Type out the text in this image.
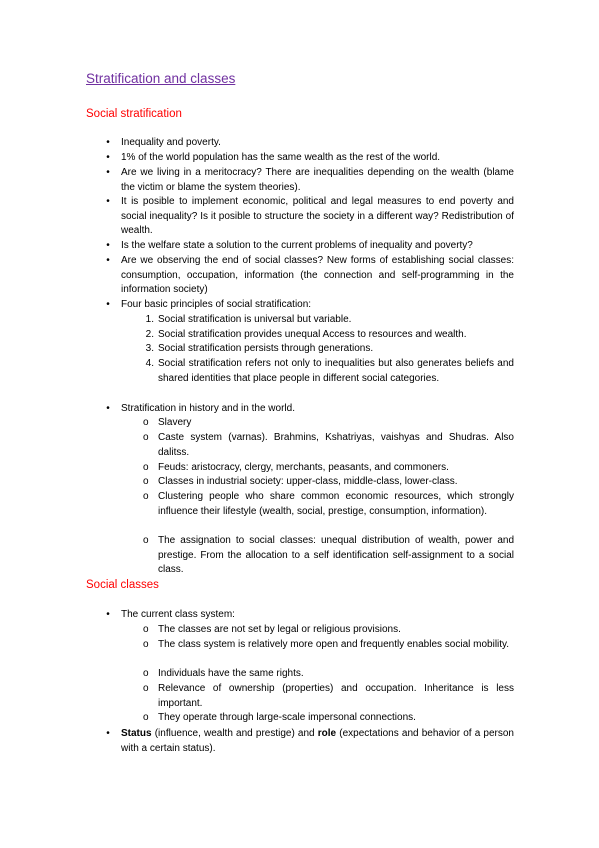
Stratification and classes
Social stratification
•	Inequality and poverty.
•	1% of the world population has the same wealth as the rest of the world.
•	Are we living in a meritocracy? There are inequalities depending on the wealth (blame the victim or blame the system theories).
•	It is posible to implement economic, political and legal measures to end poverty and social inequality? Is it posible to structure the society in a different way? Redistribution of wealth.
•	Is the welfare state a solution to the current problems of inequality and poverty?
•	Are we observing the end of social classes? New forms of establishing social classes: consumption, occupation, information (the connection and self-programming in the information society)
•	Four basic principles of social stratification:
1. Social stratification is universal but variable.
2. Social stratification provides unequal Access to resources and wealth.
3. Social stratification persists through generations.
4. Social stratification refers not only to inequalities but also generates beliefs and shared identities that place people in different social categories.
•	Stratification in history and in the world.
o Slavery
o Caste system (varnas). Brahmins, Kshatriyas, vaishyas and Shudras. Also dalitss.
o Feuds: aristocracy, clergy, merchants, peasants, and commoners.
o Classes in industrial society: upper-class, middle-class, lower-class.
o Clustering people who share common economic resources, which strongly influence their lifestyle (wealth, social, prestige, consumption, information).
o The assignation to social classes: unequal distribution of wealth, power and prestige. From the allocation to a self identification self-assignment to a social class.
Social classes
•	The current class system:
o The classes are not set by legal or religious provisions.
o The class system is relatively more open and frequently enables social mobility.
o Individuals have the same rights.
o Relevance of ownership (properties) and occupation. Inheritance is less important.
o They operate through large-scale impersonal connections.
•	Status (influence, wealth and prestige) and role (expectations and behavior of a person with a certain status).
